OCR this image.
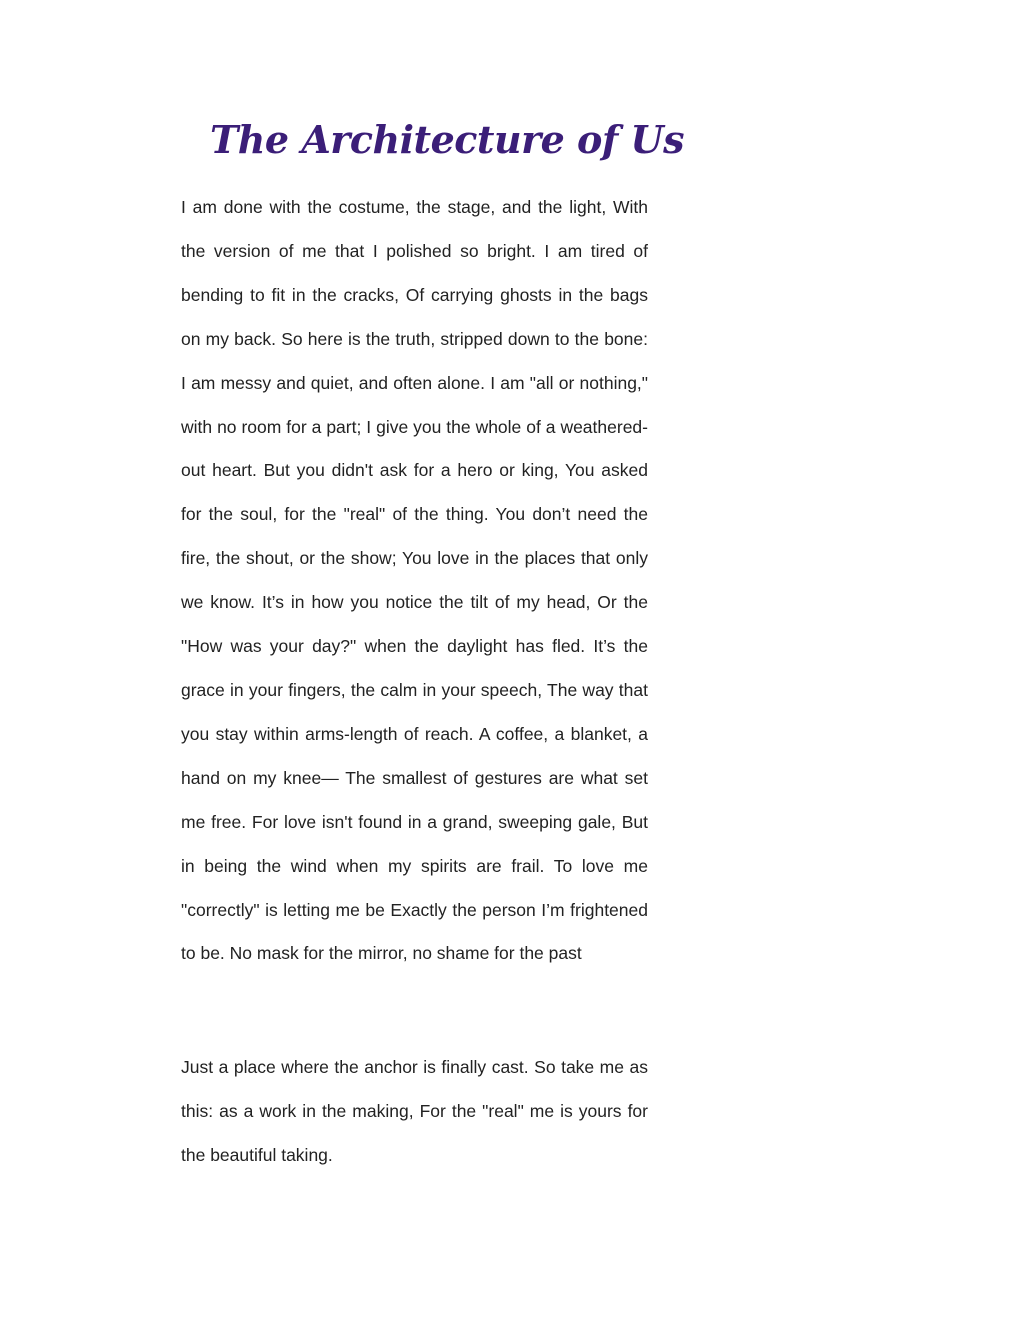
The Architecture of Us

I am done with the costume, the stage, and the light, With the version of me that I polished so bright. I am tired of bending to fit in the cracks, Of carrying ghosts in the bags on my back. So here is the truth, stripped down to the bone: I am messy and quiet, and often alone. I am "all or nothing," with no room for a part; I give you the whole of a weathered-out heart. But you didn't ask for a hero or king, You asked for the soul, for the "real" of the thing. You don’t need the fire, the shout, or the show; You love in the places that only we know. It’s in how you notice the tilt of my head, Or the "How was your day?" when the daylight has fled. It’s the grace in your fingers, the calm in your speech, The way that you stay within arms-length of reach. A coffee, a blanket, a hand on my knee— The smallest of gestures are what set me free. For love isn't found in a grand, sweeping gale, But in being the wind when my spirits are frail. To love me "correctly" is letting me be Exactly the person I’m frightened to be. No mask for the mirror, no shame for the past

Just a place where the anchor is finally cast. So take me as this: as a work in the making, For the "real" me is yours for the beautiful taking.
